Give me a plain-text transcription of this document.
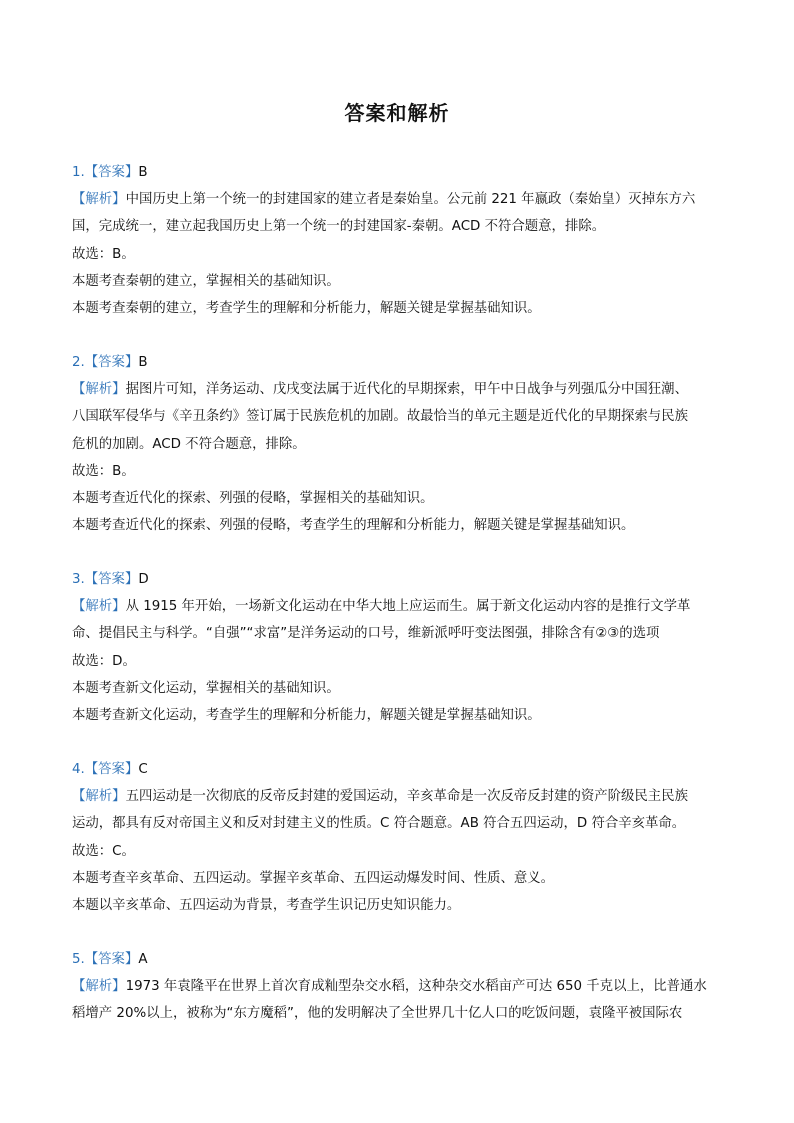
答案和解析
1.【答案】B
【解析】中国历史上第一个统一的封建国家的建立者是秦始皇。公元前 221 年嬴政（秦始皇）灭掉东方六
国，完成统一，建立起我国历史上第一个统一的封建国家-秦朝。ACD 不符合题意，排除。
故选：B。
本题考查秦朝的建立，掌握相关的基础知识。
本题考查秦朝的建立，考查学生的理解和分析能力，解题关键是掌握基础知识。
2.【答案】B
【解析】据图片可知，洋务运动、戊戌变法属于近代化的早期探索，甲午中日战争与列强瓜分中国狂潮、
八国联军侵华与《辛丑条约》签订属于民族危机的加剧。故最恰当的单元主题是近代化的早期探索与民族
危机的加剧。ACD 不符合题意，排除。
故选：B。
本题考查近代化的探索、列强的侵略，掌握相关的基础知识。
本题考查近代化的探索、列强的侵略，考查学生的理解和分析能力，解题关键是掌握基础知识。
3.【答案】D
【解析】从 1915 年开始，一场新文化运动在中华大地上应运而生。属于新文化运动内容的是推行文学革
命、提倡民主与科学。“自强”“求富”是洋务运动的口号，维新派呼吁变法图强，排除含有②③的选项
故选：D。
本题考查新文化运动，掌握相关的基础知识。
本题考查新文化运动，考查学生的理解和分析能力，解题关键是掌握基础知识。
4.【答案】C
【解析】五四运动是一次彻底的反帝反封建的爱国运动，辛亥革命是一次反帝反封建的资产阶级民主民族
运动，都具有反对帝国主义和反对封建主义的性质。C 符合题意。AB 符合五四运动，D 符合辛亥革命。
故选：C。
本题考查辛亥革命、五四运动。掌握辛亥革命、五四运动爆发时间、性质、意义。
本题以辛亥革命、五四运动为背景，考查学生识记历史知识能力。
5.【答案】A
【解析】1973 年袁隆平在世界上首次育成籼型杂交水稻，这种杂交水稻亩产可达 650 千克以上，比普通水
稻增产 20%以上，被称为“东方魔稻”，他的发明解决了全世界几十亿人口的吃饭问题，袁隆平被国际农
